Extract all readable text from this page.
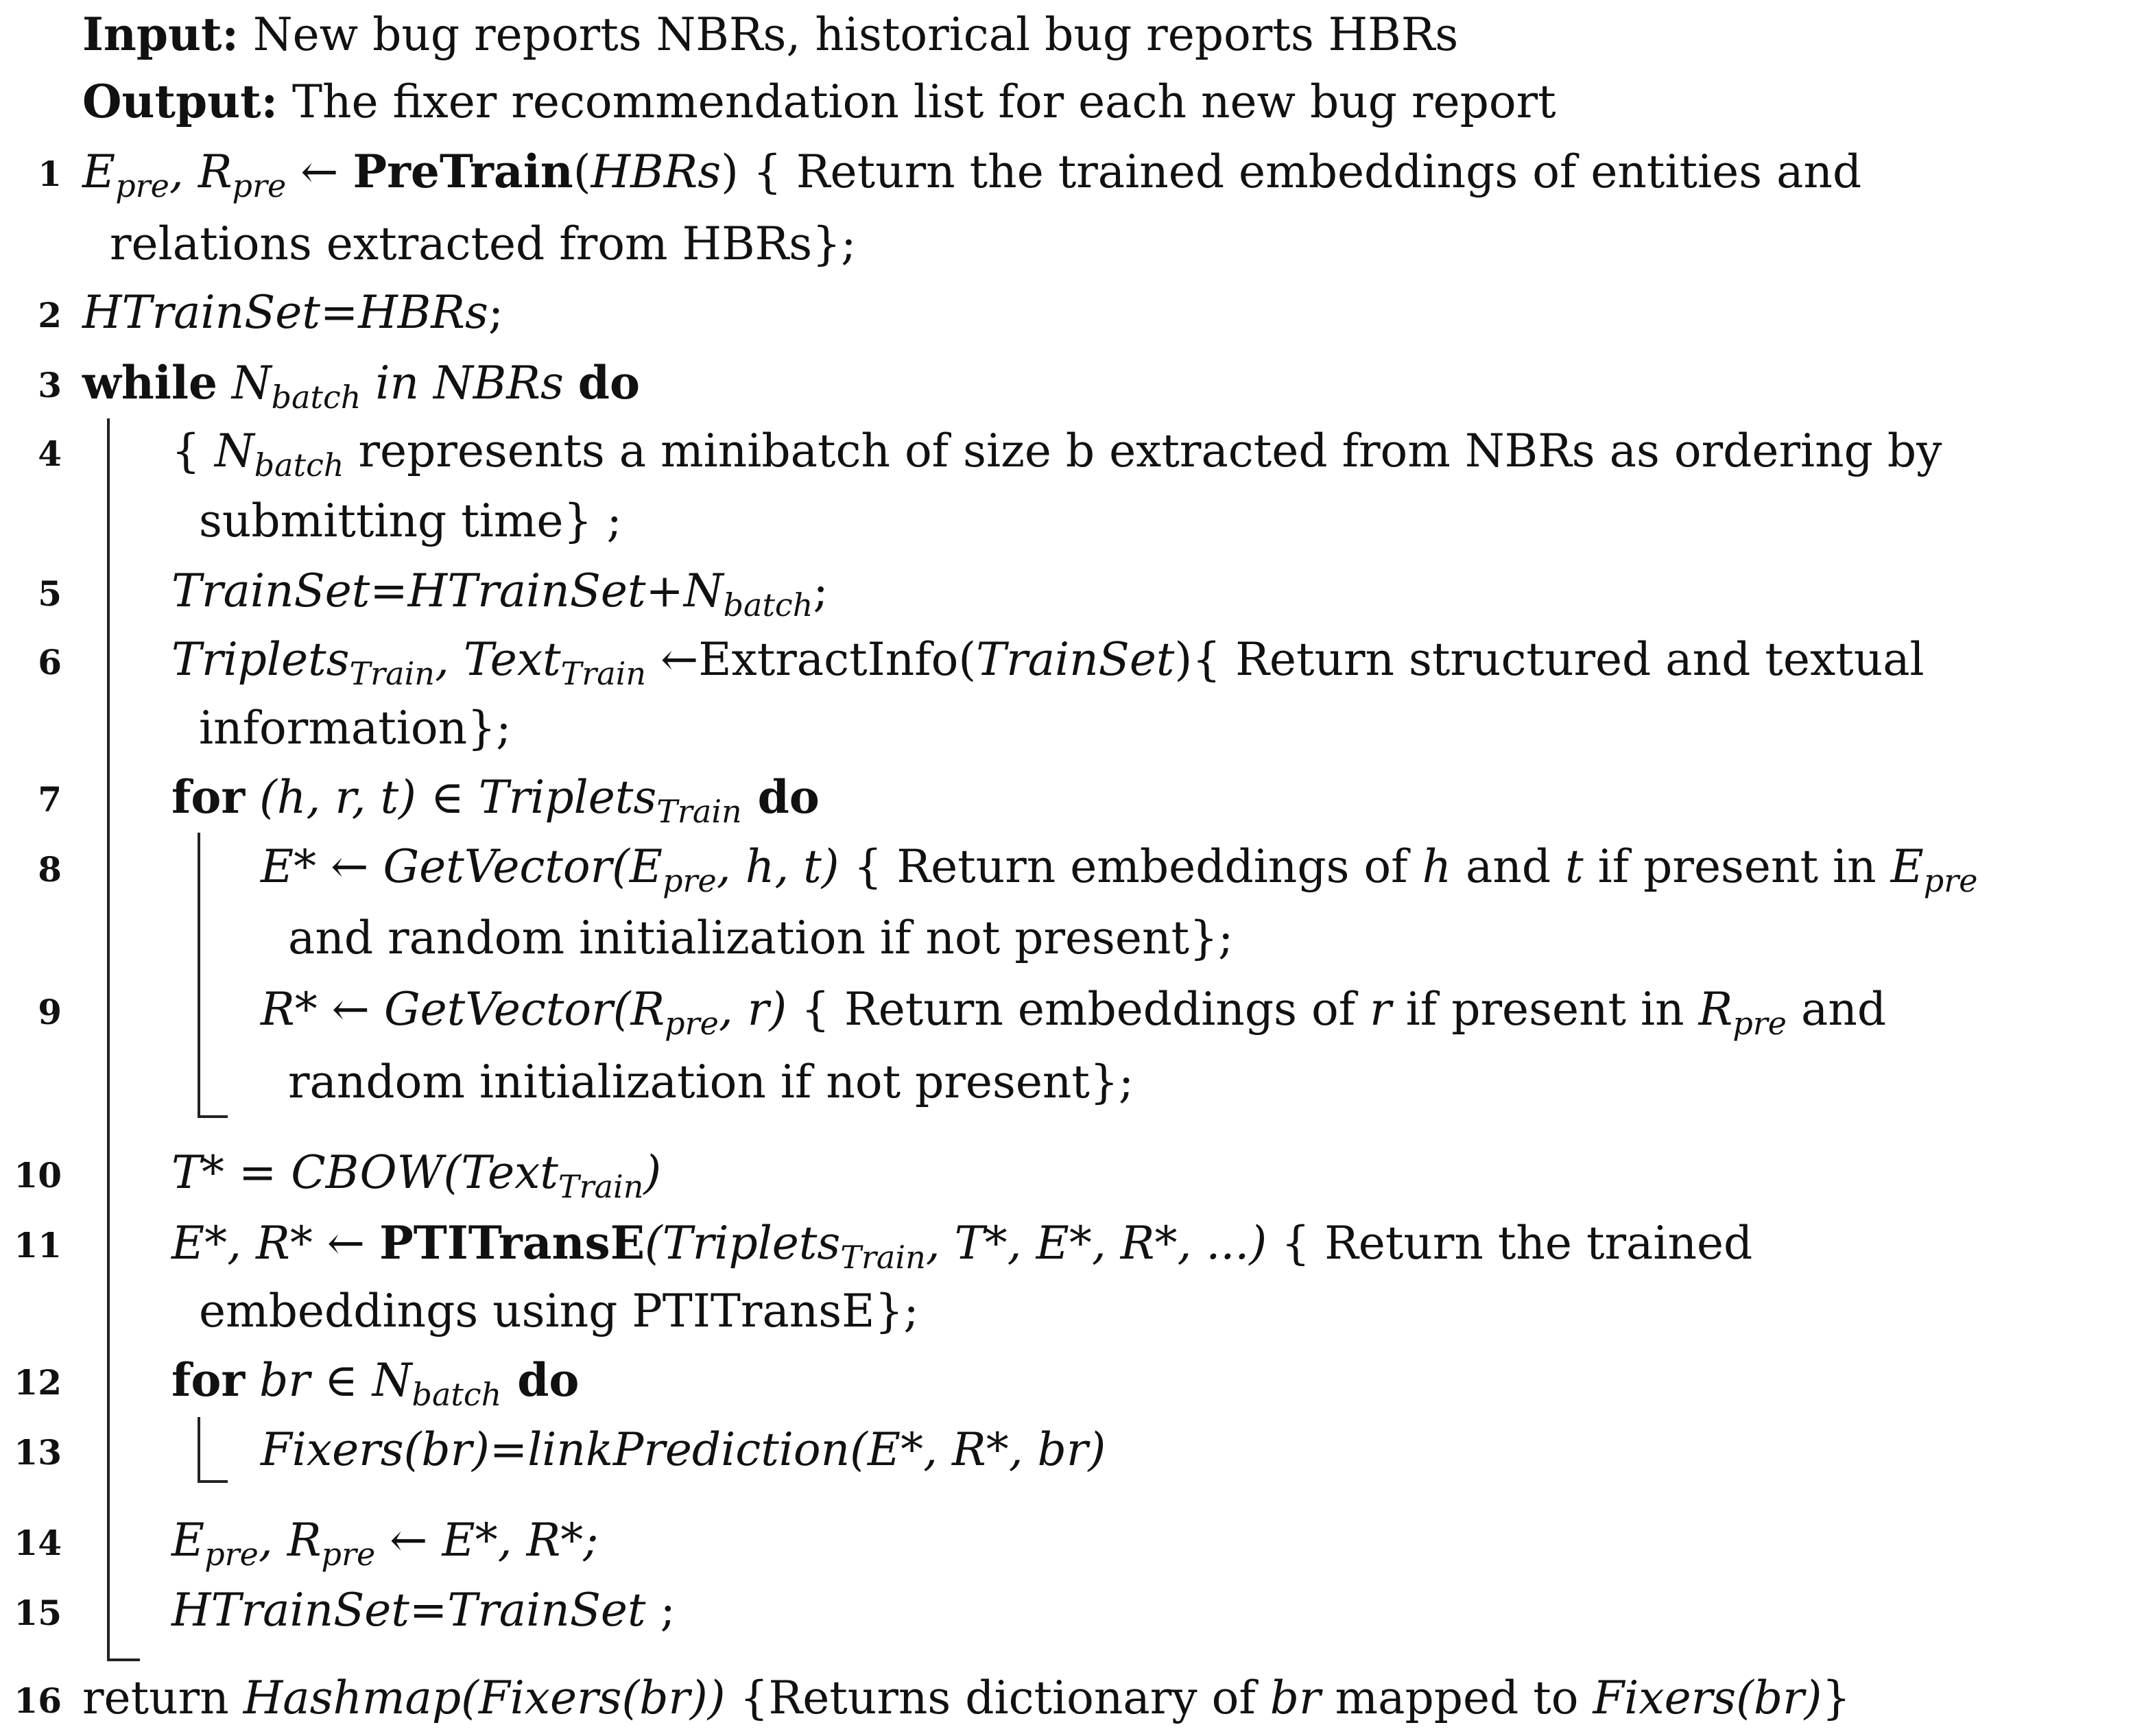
Input: New bug reports NBRs, historical bug reports HBRs
Output: The fixer recommendation list for each new bug report
1
2
3
4
5
6
7
8
9
10
11
12
13
14
15
16
$E_{pre}$, $R_{pre}$ ← PreTrain(HBRs) { Return the trained embeddings of entities and
relations extracted from HBRs};
HTrainSet=HBRs;
while $N_{batch}$ in NBRs do
{ $N_{batch}$ represents a minibatch of size b extracted from NBRs as ordering by
submitting time} ;
$TrainSet=HTrainSet+N_{batch}$;
Triplets$_{Train}$, Text$_{Train}$ ←ExtractInfo(TrainSet){ Return structured and textual
information};
for (h, r, t) ∈ Triplets$_{Train}$ do
E* ← $GetVector(E_{pre}$, h, t) { Return embeddings of h and t if present in $E_{pre}$
and random initialization if not present};
R* ← $GetVector(R_{pre}$, r) { Return embeddings of r if present in $R_{pre}$ and
random initialization if not present};
T* = CBOW(Text$_{Train}$)
E*, R* ← PTITransE(Triplets$_{Train}$, T*, E*, R*, ...) { Return the trained
embeddings using PTITransE};
for br ∈ $N_{batch}$ do
Fixers(br)=linkPrediction(E*, R*, br)
$E_{pre}$, $R_{pre}$ ← E*, R*;
HTrainSet=TrainSet ;
return Hashmap(Fixers(br)) {Returns dictionary of br mapped to Fixers(br)}
